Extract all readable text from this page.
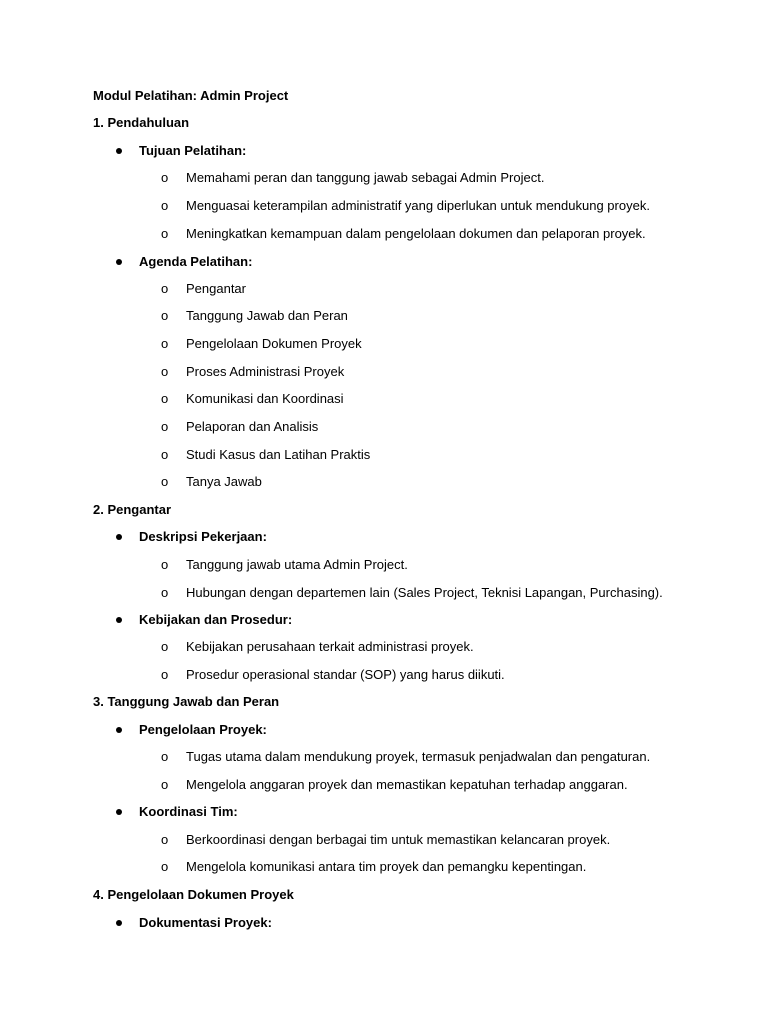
Modul Pelatihan: Admin Project
1. Pendahuluan
Tujuan Pelatihan:
o Memahami peran dan tanggung jawab sebagai Admin Project.
o Menguasai keterampilan administratif yang diperlukan untuk mendukung proyek.
o Meningkatkan kemampuan dalam pengelolaan dokumen dan pelaporan proyek.
Agenda Pelatihan:
o Pengantar
o Tanggung Jawab dan Peran
o Pengelolaan Dokumen Proyek
o Proses Administrasi Proyek
o Komunikasi dan Koordinasi
o Pelaporan dan Analisis
o Studi Kasus dan Latihan Praktis
o Tanya Jawab
2. Pengantar
Deskripsi Pekerjaan:
o Tanggung jawab utama Admin Project.
o Hubungan dengan departemen lain (Sales Project, Teknisi Lapangan, Purchasing).
Kebijakan dan Prosedur:
o Kebijakan perusahaan terkait administrasi proyek.
o Prosedur operasional standar (SOP) yang harus diikuti.
3. Tanggung Jawab dan Peran
Pengelolaan Proyek:
o Tugas utama dalam mendukung proyek, termasuk penjadwalan dan pengaturan.
o Mengelola anggaran proyek dan memastikan kepatuhan terhadap anggaran.
Koordinasi Tim:
o Berkoordinasi dengan berbagai tim untuk memastikan kelancaran proyek.
o Mengelola komunikasi antara tim proyek dan pemangku kepentingan.
4. Pengelolaan Dokumen Proyek
Dokumentasi Proyek:
